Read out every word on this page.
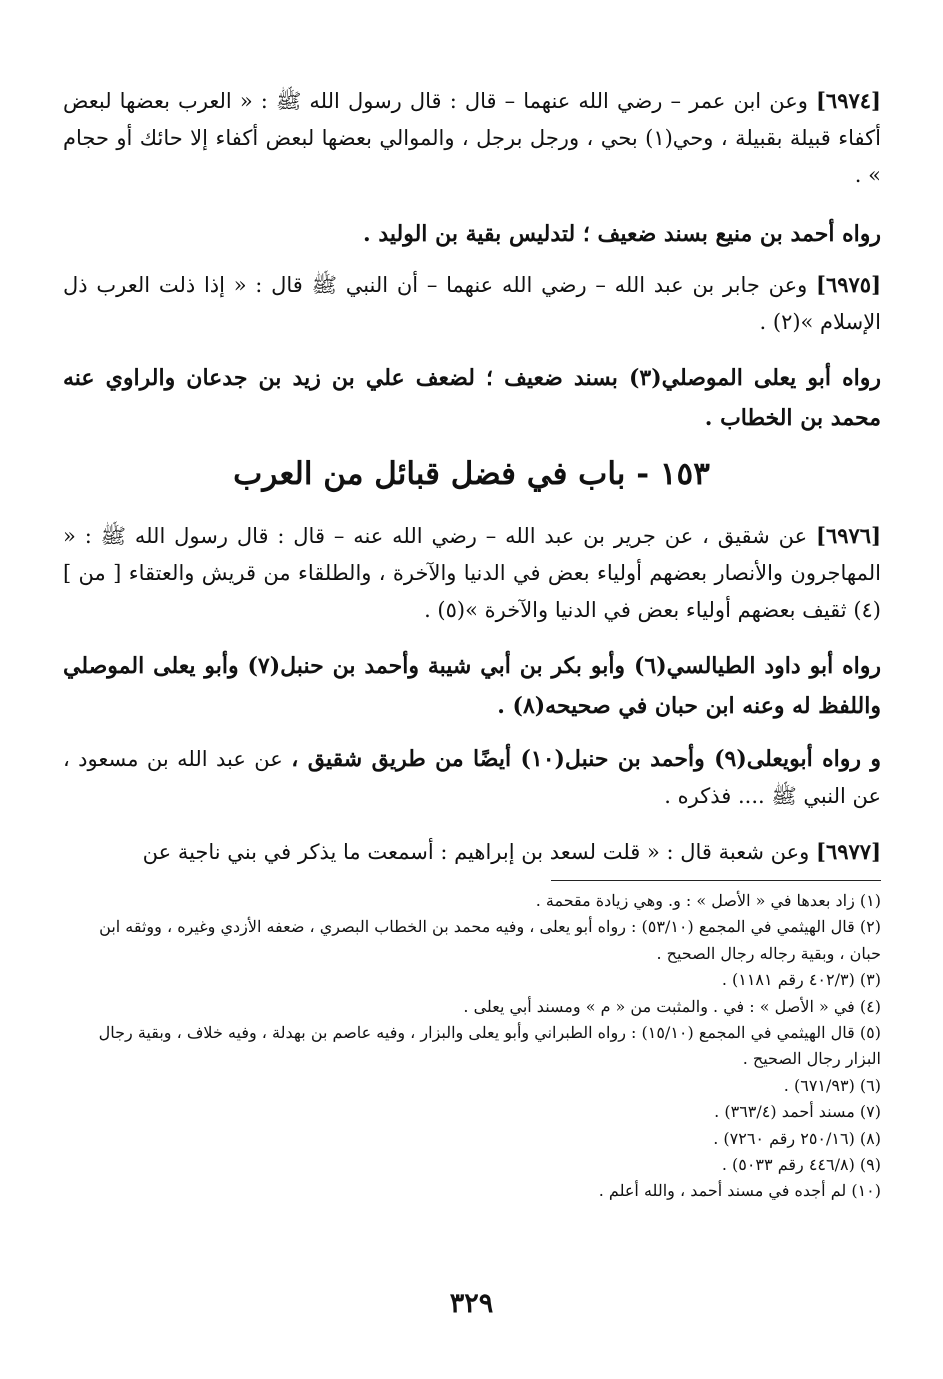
[٦٩٧٤] وعن ابن عمر – رضي الله عنهما – قال : قال رسول الله ﷺ : « العرب بعضها لبعض أكفاء قبيلة بقبيلة ، وحي(١) بحي ، ورجل برجل ، والموالي بعضها لبعض أكفاء إلا حائك أو حجام » .

رواه أحمد بن منيع بسند ضعيف ؛ لتدليس بقية بن الوليد .

[٦٩٧٥] وعن جابر بن عبد الله – رضي الله عنهما – أن النبي ﷺ قال : « إذا ذلت العرب ذل الإسلام »(٢) .

رواه أبو يعلى الموصلي(٣) بسند ضعيف ؛ لضعف علي بن زيد بن جدعان والراوي عنه محمد بن الخطاب .

١٥٣ - باب في فضل قبائل من العرب

[٦٩٧٦] عن شقيق ، عن جرير بن عبد الله – رضي الله عنه – قال : قال رسول الله ﷺ : « المهاجرون والأنصار بعضهم أولياء بعض في الدنيا والآخرة ، والطلقاء من قريش والعتقاء [ من ](٤) ثقيف بعضهم أولياء بعض في الدنيا والآخرة »(٥) .

رواه أبو داود الطيالسي(٦) وأبو بكر بن أبي شيبة وأحمد بن حنبل(٧) وأبو يعلى الموصلي واللفظ له وعنه ابن حبان في صحيحه(٨) .

و رواه أبويعلى(٩) وأحمد بن حنبل(١٠) أيضًا من طريق شقيق ، عن عبد الله بن مسعود ، عن النبي ﷺ .... فذكره .

[٦٩٧٧] وعن شعبة قال : « قلت لسعد بن إبراهيم : أسمعت ما يذكر في بني ناجية عن

(١) زاد بعدها في « الأصل » : و. وهي زيادة مقحمة .

(٢) قال الهيثمي في المجمع (٥٣/١٠) : رواه أبو يعلى ، وفيه محمد بن الخطاب البصري ، ضعفه الأزدي وغيره ، ووثقه ابن حبان ، وبقية رجاله رجال الصحيح .

(٣) (٤٠٢/٣ رقم ١١٨١) .

(٤) في « الأصل » : في . والمثبت من « م » ومسند أبي يعلى .

(٥) قال الهيثمي في المجمع (١٥/١٠) : رواه الطبراني وأبو يعلى والبزار ، وفيه عاصم بن بهدلة ، وفيه خلاف ، وبقية رجال البزار رجال الصحيح .

(٦) (٦٧١/٩٣) .

(٧) مسند أحمد (٣٦٣/٤) .

(٨) (٢٥٠/١٦ رقم ٧٢٦٠) .

(٩) (٤٤٦/٨ رقم ٥٠٣٣) .

(١٠) لم أجده في مسند أحمد ، والله أعلم .

٣٢٩
